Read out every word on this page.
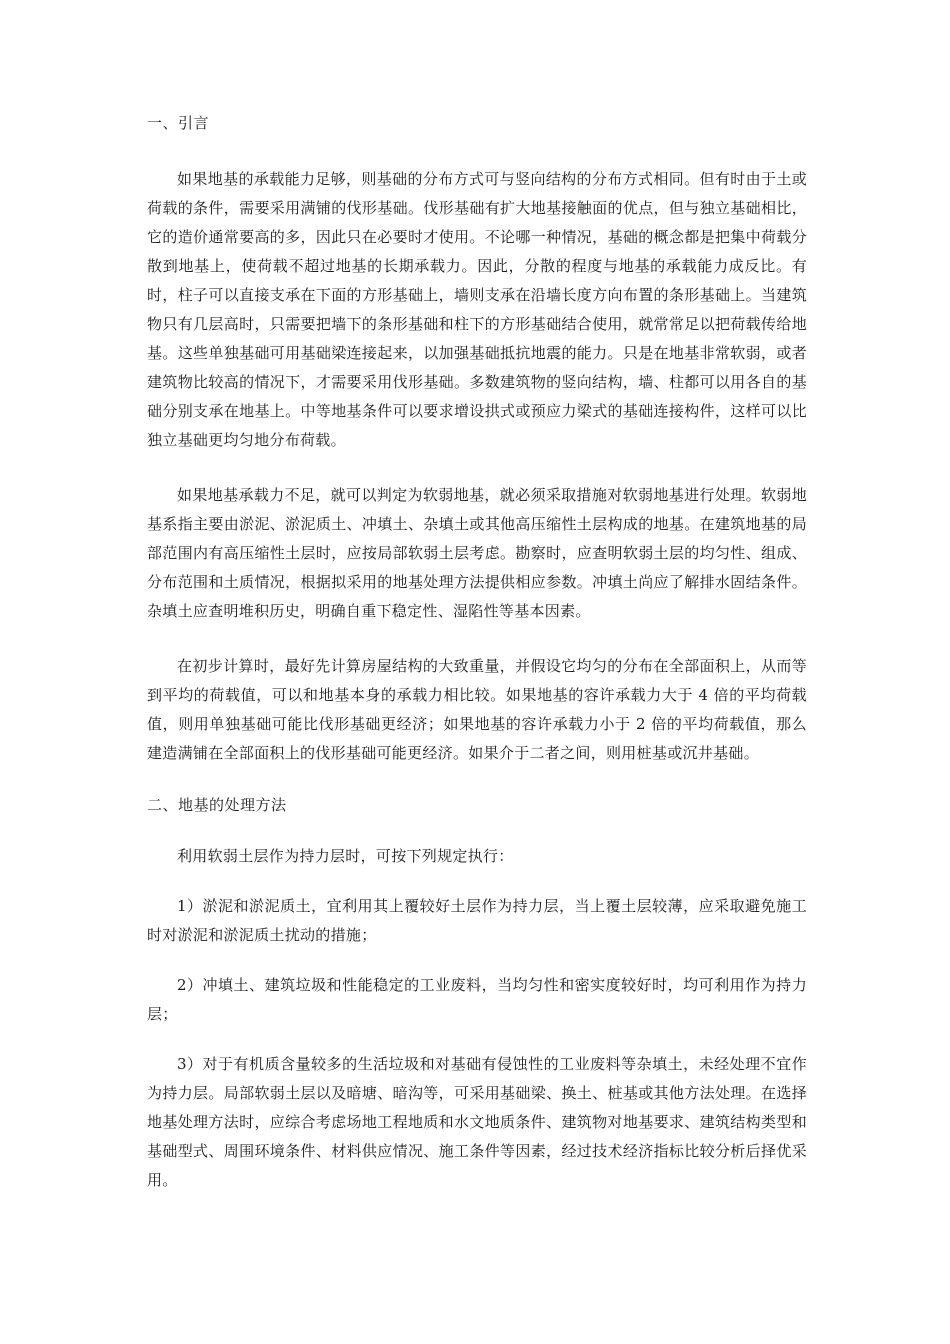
一、引言

如果地基的承载能力足够，则基础的分布方式可与竖向结构的分布方式相同。但有时由于土或荷载的条件，需要采用满铺的伐形基础。伐形基础有扩大地基接触面的优点，但与独立基础相比，它的造价通常要高的多，因此只在必要时才使用。不论哪一种情况，基础的概念都是把集中荷载分散到地基上，使荷载不超过地基的长期承载力。因此，分散的程度与地基的承载能力成反比。有时，柱子可以直接支承在下面的方形基础上，墙则支承在沿墙长度方向布置的条形基础上。当建筑物只有几层高时，只需要把墙下的条形基础和柱下的方形基础结合使用，就常常足以把荷载传给地基。这些单独基础可用基础梁连接起来，以加强基础抵抗地震的能力。只是在地基非常软弱，或者建筑物比较高的情况下，才需要采用伐形基础。多数建筑物的竖向结构，墙、柱都可以用各自的基础分别支承在地基上。中等地基条件可以要求增设拱式或预应力梁式的基础连接构件，这样可以比独立基础更均匀地分布荷载。

如果地基承载力不足，就可以判定为软弱地基，就必须采取措施对软弱地基进行处理。软弱地基系指主要由淤泥、淤泥质土、冲填土、杂填土或其他高压缩性土层构成的地基。在建筑地基的局部范围内有高压缩性土层时，应按局部软弱土层考虑。勘察时，应查明软弱土层的均匀性、组成、分布范围和土质情况，根据拟采用的地基处理方法提供相应参数。冲填土尚应了解排水固结条件。杂填土应查明堆积历史，明确自重下稳定性、湿陷性等基本因素。

在初步计算时，最好先计算房屋结构的大致重量，并假设它均匀的分布在全部面积上，从而等到平均的荷载值，可以和地基本身的承载力相比较。如果地基的容许承载力大于 4 倍的平均荷载值，则用单独基础可能比伐形基础更经济；如果地基的容许承载力小于 2 倍的平均荷载值，那么建造满铺在全部面积上的伐形基础可能更经济。如果介于二者之间，则用桩基或沉井基础。

二、地基的处理方法

利用软弱土层作为持力层时，可按下列规定执行：

1）淤泥和淤泥质土，宜利用其上覆较好土层作为持力层，当上覆土层较薄，应采取避免施工时对淤泥和淤泥质土扰动的措施；

2）冲填土、建筑垃圾和性能稳定的工业废料，当均匀性和密实度较好时，均可利用作为持力层；

3）对于有机质含量较多的生活垃圾和对基础有侵蚀性的工业废料等杂填土，未经处理不宜作为持力层。局部软弱土层以及暗塘、暗沟等，可采用基础梁、换土、桩基或其他方法处理。在选择地基处理方法时，应综合考虑场地工程地质和水文地质条件、建筑物对地基要求、建筑结构类型和基础型式、周围环境条件、材料供应情况、施工条件等因素，经过技术经济指标比较分析后择优采用。
